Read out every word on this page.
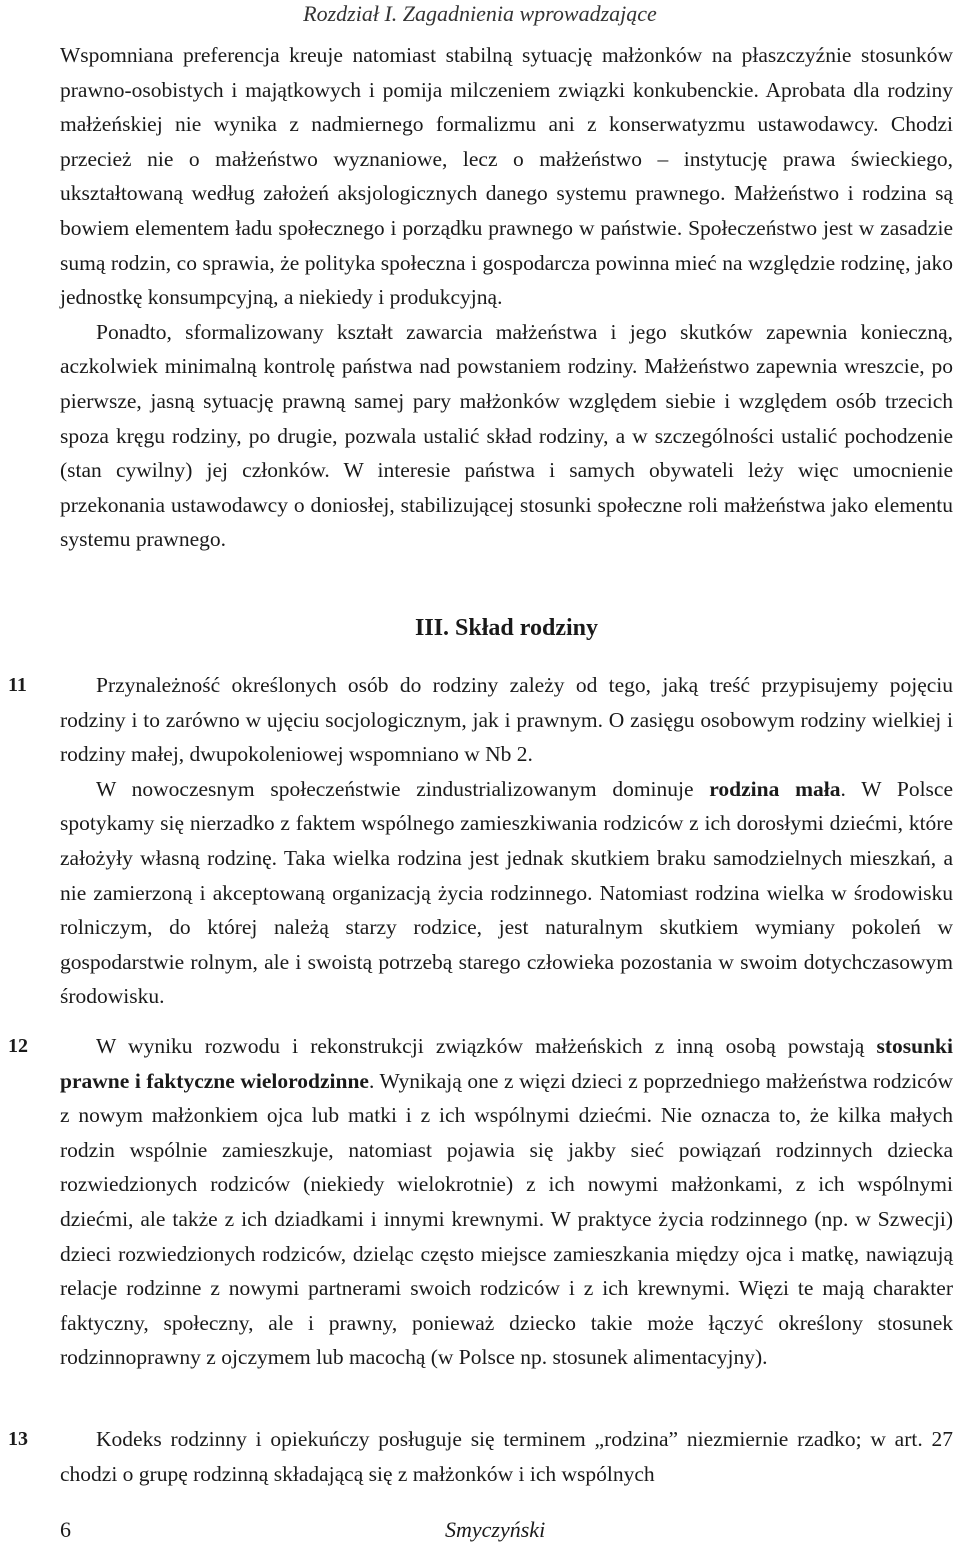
Rozdział I. Zagadnienia wprowadzające

Wspomniana preferencja kreuje natomiast stabilną sytuację małżonków na płaszczyźnie stosunków prawno-osobistych i majątkowych i pomija milczeniem związki konkubenckie. Aprobata dla rodziny małżeńskiej nie wynika z nadmiernego formalizmu ani z konserwatyzmu ustawodawcy. Chodzi przecież nie o małżeństwo wyznaniowe, lecz o małżeństwo – instytucję prawa świeckiego, ukształtowaną według założeń aksjologicznych danego systemu prawnego. Małżeństwo i rodzina są bowiem elementem ładu społecznego i porządku prawnego w państwie. Społeczeństwo jest w zasadzie sumą rodzin, co sprawia, że polityka społeczna i gospodarcza powinna mieć na względzie rodzinę, jako jednostkę konsumpcyjną, a niekiedy i produkcyjną.

Ponadto, sformalizowany kształt zawarcia małżeństwa i jego skutków zapewnia konieczną, aczkolwiek minimalną kontrolę państwa nad powstaniem rodziny. Małżeństwo zapewnia wreszcie, po pierwsze, jasną sytuację prawną samej pary małżonków względem siebie i względem osób trzecich spoza kręgu rodziny, po drugie, pozwala ustalić skład rodziny, a w szczególności ustalić pochodzenie (stan cywilny) jej członków. W interesie państwa i samych obywateli leży więc umocnienie przekonania ustawodawcy o doniosłej, stabilizującej stosunki społeczne roli małżeństwa jako elementu systemu prawnego.

III. Skład rodziny
11	Przynależność określonych osób do rodziny zależy od tego, jaką treść przypisujemy pojęciu rodziny i to zarówno w ujęciu socjologicznym, jak i prawnym. O zasięgu osobowym rodziny wielkiej i rodziny małej, dwupokoleniowej wspomniano w Nb 2.

W nowoczesnym społeczeństwie zindustrializowanym dominuje rodzina mała. W Polsce spotykamy się nierzadko z faktem wspólnego zamieszkiwania rodziców z ich dorosłymi dziećmi, które założyły własną rodzinę. Taka wielka rodzina jest jednak skutkiem braku samodzielnych mieszkań, a nie zamierzoną i akceptowaną organizacją życia rodzinnego. Natomiast rodzina wielka w środowisku rolniczym, do której należą starzy rodzice, jest naturalnym skutkiem wymiany pokoleń w gospodarstwie rolnym, ale i swoistą potrzebą starego człowieka pozostania w swoim dotychczasowym środowisku.

12	W wyniku rozwodu i rekonstrukcji związków małżeńskich z inną osobą powstają stosunki prawne i faktyczne wielorodzinne. Wynikają one z więzi dzieci z poprzedniego małżeństwa rodziców z nowym małżonkiem ojca lub matki i z ich wspólnymi dziećmi. Nie oznacza to, że kilka małych rodzin wspólnie zamieszkuje, natomiast pojawia się jakby sieć powiązań rodzinnych dziecka rozwiedzionych rodziców (niekiedy wielokrotnie) z ich nowymi małżonkami, z ich wspólnymi dziećmi, ale także z ich dziadkami i innymi krewnymi. W praktyce życia rodzinnego (np. w Szwecji) dzieci rozwiedzionych rodziców, dzieląc często miejsce zamieszkania między ojca i matkę, nawiązują relacje rodzinne z nowymi partnerami swoich rodziców i z ich krewnymi. Więzi te mają charakter faktyczny, społeczny, ale i prawny, ponieważ dziecko takie może łączyć określony stosunek rodzinnoprawny z ojczymem lub macochą (w Polsce np. stosunek alimentacyjny).

13	Kodeks rodzinny i opiekuńczy posługuje się terminem „rodzina” niezmiernie rzadko; w art. 27 chodzi o grupę rodzinną składającą się z małżonków i ich wspólnych

6	Smyczyński
